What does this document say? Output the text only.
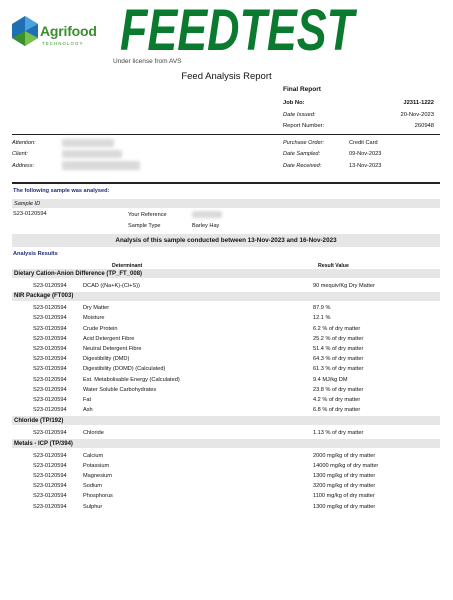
Agrifood
TECHNOLOGY FEEDTEST
Under license from AVS
Feed Analysis Report
Final Report
Job No:	J2311-1222
Date Issued:	20-Nov-2023
Report Number:	260948
Attention:
Client:
Address:
Purchase Order:	Credit Card
Date Sampled:	09-Nov-2023
Date Received:	13-Nov-2023
The following sample was analysed:
Sample ID
S23-0120594	Your Reference
Sample Type	Barley Hay
Analysis of this sample conducted between 13-Nov-2023 and 16-Nov-2023
Analysis Results
Determinant	Result Value
Dietary Cation-Anion Difference (TP_FT_008)
S23-0120594	DCAD ((Na+K)-(Cl+S))	90 mequiv/Kg Dry Matter
NIR Package (FT003)
S23-0120594	Dry Matter	87.9 %
S23-0120594	Moisture	12.1 %
S23-0120594	Crude Protein	6.2 % of dry matter
S23-0120594	Acid Detergent Fibre	25.2 % of dry matter
S23-0120594	Neutral Detergent Fibre	51.4 % of dry matter
S23-0120594	Digestibility (DMD)	64.3 % of dry matter
S23-0120594	Digestibility (DOMD) (Calculated)	61.3 % of dry matter
S23-0120594	Est. Metabolisable Energy (Calculated)	9.4 MJ/kg DM
S23-0120594	Water Soluble Carbohydrates	23.8 % of dry matter
S23-0120594	Fat	4.2 % of dry matter
S23-0120594	Ash	6.8 % of dry matter
Chloride (TP/192)
S23-0120594	Chloride	1.13 % of dry matter
Metals - ICP (TP/394)
S23-0120594	Calcium	2000 mg/kg of dry matter
S23-0120594	Potassium	14000 mg/kg of dry matter
S23-0120594	Magnesium	1300 mg/kg of dry matter
S23-0120594	Sodium	3200 mg/kg of dry matter
S23-0120594	Phosphorus	1100 mg/kg of dry matter
S23-0120594	Sulphur	1300 mg/kg of dry matter
